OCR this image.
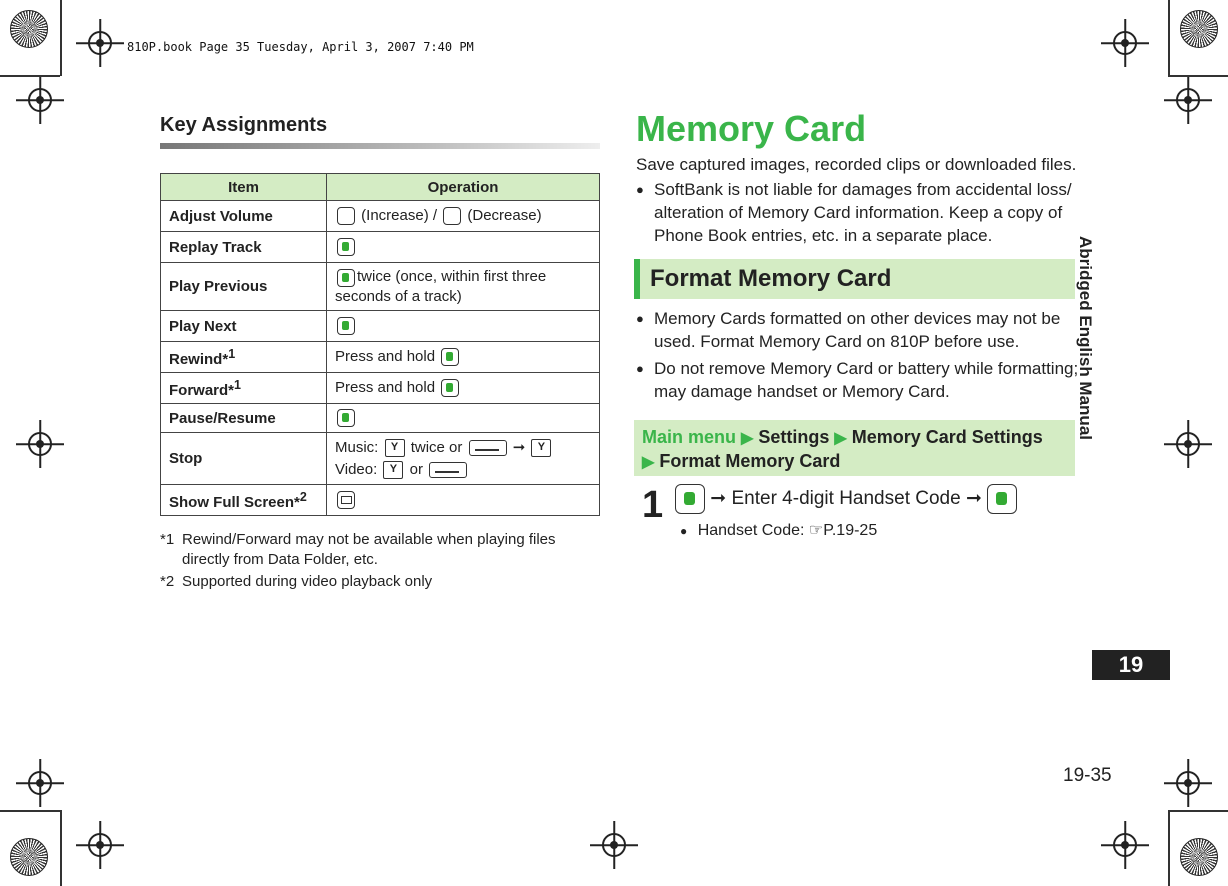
810P.book Page 35 Tuesday, April 3, 2007 7:40 PM
Key Assignments
Item	Operation
Adjust Volume	(Increase) / (Decrease)
Replay Track	
Play Previous	twice (once, within first three seconds of a track)
Play Next	
Rewind*$^1$	Press and hold
Forward*$^1$	Press and hold
Pause/Resume	
Stop	Music: Y twice or ➞ Y
Video: Y or
Show Full Screen*$^2$	
*1 Rewind/Forward may not be available when playing files directly from Data Folder, etc.
*2 Supported during video playback only
Memory Card
Save captured images, recorded clips or downloaded files.
● SoftBank is not liable for damages from accidental loss/ alteration of Memory Card information. Keep a copy of Phone Book entries, etc. in a separate place.
Format Memory Card
● Memory Cards formatted on other devices may not be used. Format Memory Card on 810P before use.
● Do not remove Memory Card or battery while formatting; may damage handset or Memory Card.
Main menu ▶ Settings ▶ Memory Card Settings
▶ Format Memory Card
1	➞ Enter 4-digit Handset Code ➞
● Handset Code: ☞P.19-25
Abridged English Manual
19
19-35
